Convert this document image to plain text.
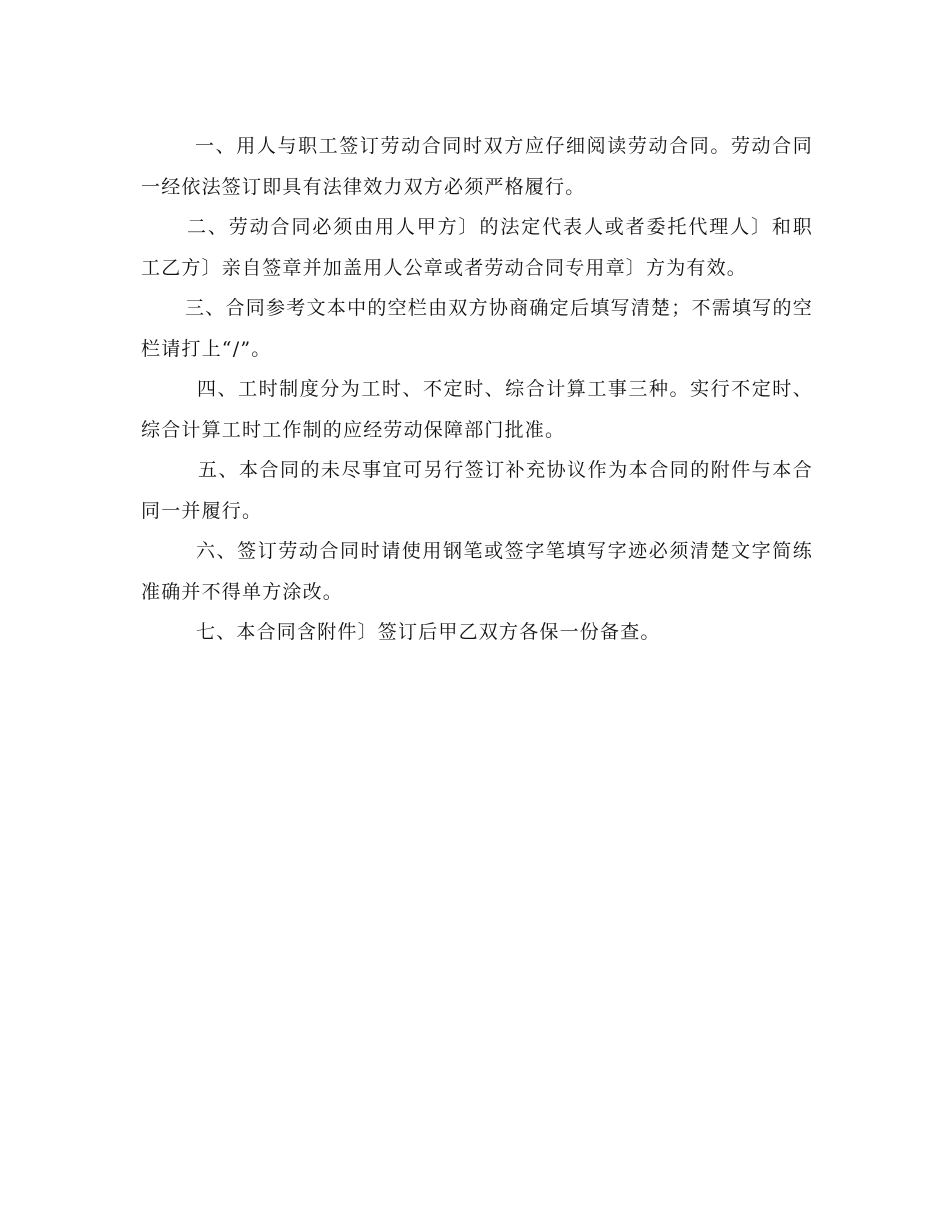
一、用人与职工签订劳动合同时双方应仔细阅读劳动合同。劳动合同一经依法签订即具有法律效力双方必须严格履行。

二、劳动合同必须由用人甲方〕的法定代表人或者委托代理人〕和职工乙方〕亲自签章并加盖用人公章或者劳动合同专用章〕方为有效。

三、合同参考文本中的空栏由双方协商确定后填写清楚；不需填写的空栏请打上“/”。

四、工时制度分为工时、不定时、综合计算工事三种。实行不定时、综合计算工时工作制的应经劳动保障部门批准。

五、本合同的未尽事宜可另行签订补充协议作为本合同的附件与本合同一并履行。

六、签订劳动合同时请使用钢笔或签字笔填写字迹必须清楚文字简练准确并不得单方涂改。

七、本合同含附件〕签订后甲乙双方各保一份备查。
